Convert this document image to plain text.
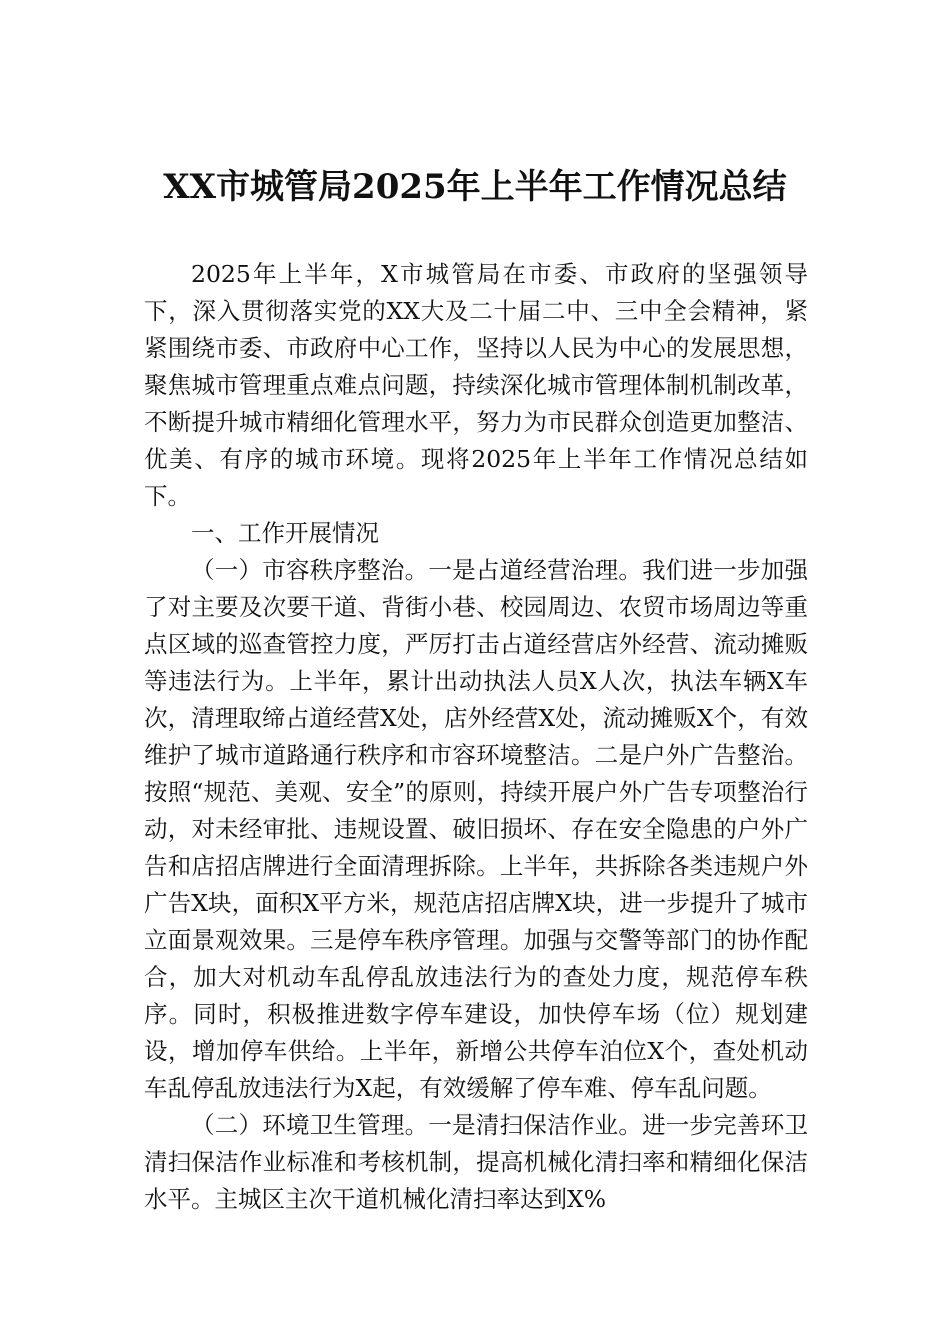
XX市城管局2025年上半年工作情况总结

2025年上半年，X市城管局在市委、市政府的坚强领导下，深入贯彻落实党的XX大及二十届二中、三中全会精神，紧紧围绕市委、市政府中心工作，坚持以人民为中心的发展思想，聚焦城市管理重点难点问题，持续深化城市管理体制机制改革，不断提升城市精细化管理水平，努力为市民群众创造更加整洁、优美、有序的城市环境。现将2025年上半年工作情况总结如下。

一、工作开展情况

（一）市容秩序整治。一是占道经营治理。我们进一步加强了对主要及次要干道、背街小巷、校园周边、农贸市场周边等重点区域的巡查管控力度，严厉打击占道经营店外经营、流动摊贩等违法行为。上半年，累计出动执法人员X人次，执法车辆X车次，清理取缔占道经营X处，店外经营X处，流动摊贩X个，有效维护了城市道路通行秩序和市容环境整洁。二是户外广告整治。按照“规范、美观、安全”的原则，持续开展户外广告专项整治行动，对未经审批、违规设置、破旧损坏、存在安全隐患的户外广告和店招店牌进行全面清理拆除。上半年，共拆除各类违规户外广告X块，面积X平方米，规范店招店牌X块，进一步提升了城市立面景观效果。三是停车秩序管理。加强与交警等部门的协作配合，加大对机动车乱停乱放违法行为的查处力度，规范停车秩序。同时，积极推进数字停车建设，加快停车场（位）规划建设，增加停车供给。上半年，新增公共停车泊位X个，查处机动车乱停乱放违法行为X起，有效缓解了停车难、停车乱问题。

（二）环境卫生管理。一是清扫保洁作业。进一步完善环卫清扫保洁作业标准和考核机制，提高机械化清扫率和精细化保洁水平。主城区主次干道机械化清扫率达到X%
